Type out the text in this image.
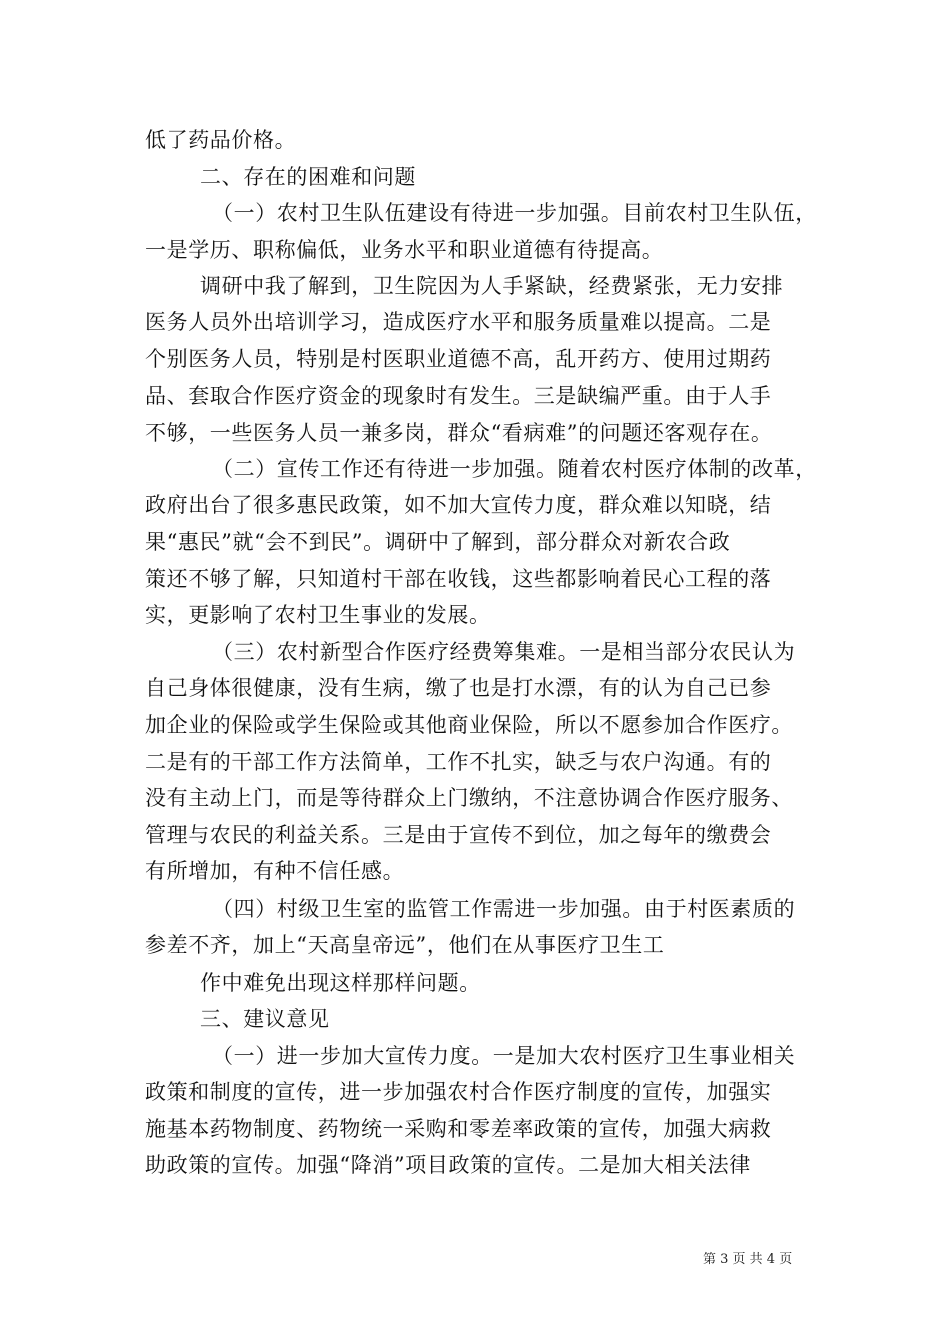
低了药品价格。
二、存在的困难和问题
（一）农村卫生队伍建设有待进一步加强。目前农村卫生队伍，
一是学历、职称偏低，业务水平和职业道德有待提高。
调研中我了解到，卫生院因为人手紧缺，经费紧张，无力安排
医务人员外出培训学习，造成医疗水平和服务质量难以提高。二是
个别医务人员，特别是村医职业道德不高，乱开药方、使用过期药
品、套取合作医疗资金的现象时有发生。三是缺编严重。由于人手
不够，一些医务人员一兼多岗，群众“看病难”的问题还客观存在。
（二）宣传工作还有待进一步加强。随着农村医疗体制的改革，
政府出台了很多惠民政策，如不加大宣传力度，群众难以知晓，结
果“惠民”就“会不到民”。调研中了解到，部分群众对新农合政
策还不够了解，只知道村干部在收钱，这些都影响着民心工程的落
实，更影响了农村卫生事业的发展。
（三）农村新型合作医疗经费筹集难。一是相当部分农民认为
自己身体很健康，没有生病，缴了也是打水漂，有的认为自己已参
加企业的保险或学生保险或其他商业保险，所以不愿参加合作医疗。
二是有的干部工作方法简单，工作不扎实，缺乏与农户沟通。有的
没有主动上门，而是等待群众上门缴纳，不注意协调合作医疗服务、
管理与农民的利益关系。三是由于宣传不到位，加之每年的缴费会
有所增加，有种不信任感。
（四）村级卫生室的监管工作需进一步加强。由于村医素质的
参差不齐，加上“天高皇帝远”，他们在从事医疗卫生工
作中难免出现这样那样问题。
三、建议意见
（一）进一步加大宣传力度。一是加大农村医疗卫生事业相关
政策和制度的宣传，进一步加强农村合作医疗制度的宣传，加强实
施基本药物制度、药物统一采购和零差率政策的宣传，加强大病救
助政策的宣传。加强“降消”项目政策的宣传。二是加大相关法律
第 3 页 共 4 页
